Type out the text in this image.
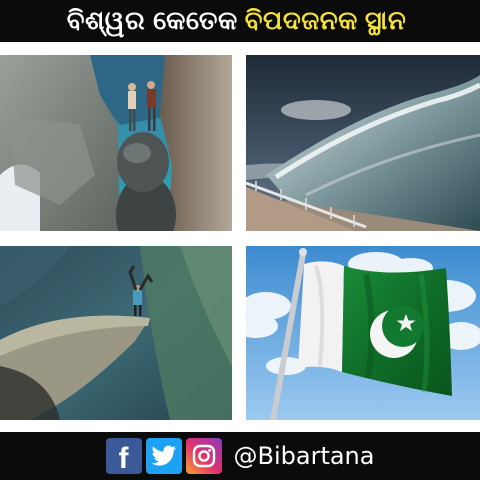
ବିଶ୍ୱର କେତେକ ବିପଦଜନକ ସ୍ଥାନ
f	@Bibartana
